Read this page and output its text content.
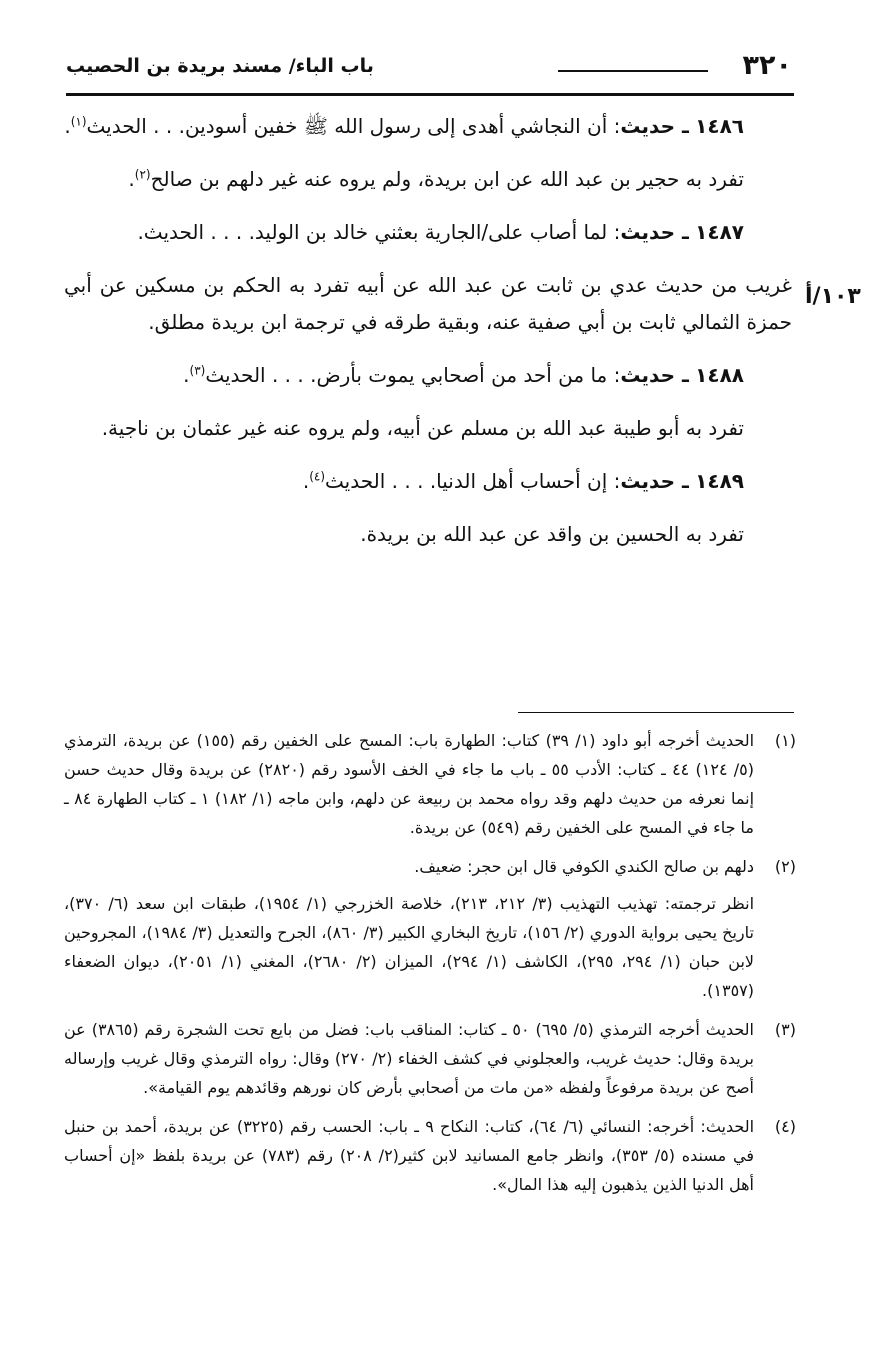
٣٢٠
باب الباء/ مسند بريدة بن الحصيب
١٠٣/أ

١٤٨٦ ـ حديث: أن النجاشي أهدى إلى رسول الله ﷺ خفين أسودين. . . الحديث$^{(١)}$.

تفرد به حجير بن عبد الله عن ابن بريدة، ولم يروه عنه غير دلهم بن صالح$^{(٢)}$.

١٤٨٧ ـ حديث: لما أصاب على/الجارية بعثني خالد بن الوليد. . . . الحديث.

غريب من حديث عدي بن ثابت عن عبد الله عن أبيه تفرد به الحكم بن مسكين عن أبي حمزة الثمالي ثابت بن أبي صفية عنه، وبقية طرقه في ترجمة ابن بريدة مطلق.

١٤٨٨ ـ حديث: ما من أحد من أصحابي يموت بأرض. . . . الحديث$^{(٣)}$.

تفرد به أبو طيبة عبد الله بن مسلم عن أبيه، ولم يروه عنه غير عثمان بن ناجية.

١٤٨٩ ـ حديث: إن أحساب أهل الدنيا. . . . الحديث$^{(٤)}$.

تفرد به الحسين بن واقد عن عبد الله بن بريدة.

(١)

الحديث أخرجه أبو داود (١/ ٣٩) كتاب: الطهارة باب: المسح على الخفين رقم (١٥٥) عن بريدة، الترمذي (٥/ ١٢٤) ٤٤ ـ كتاب: الأدب ٥٥ ـ باب ما جاء في الخف الأسود رقم (٢٨٢٠) عن بريدة وقال حديث حسن إنما نعرفه من حديث دلهم وقد رواه محمد بن ربيعة عن دلهم، وابن ماجه (١/ ١٨٢) ١ ـ كتاب الطهارة ٨٤ ـ ما جاء في المسح على الخفين رقم (٥٤٩) عن بريدة.

(٢)

دلهم بن صالح الكندي الكوفي قال ابن حجر: ضعيف.

انظر ترجمته: تهذيب التهذيب (٣/ ٢١٢، ٢١٣)، خلاصة الخزرجي (١/ ١٩٥٤)، طبقات ابن سعد (٦/ ٣٧٠)، تاريخ يحيى برواية الدوري (٢/ ١٥٦)، تاريخ البخاري الكبير (٣/ ٨٦٠)، الجرح والتعديل (٣/ ١٩٨٤)، المجروحين لابن حبان (١/ ٢٩٤، ٢٩٥)، الكاشف (١/ ٢٩٤)، الميزان (٢/ ٢٦٨٠)، المغني (١/ ٢٠٥١)، ديوان الضعفاء (١٣٥٧).

(٣)

الحديث أخرجه الترمذي (٥/ ٦٩٥) ٥٠ ـ كتاب: المناقب باب: فضل من بايع تحت الشجرة رقم (٣٨٦٥) عن بريدة وقال: حديث غريب، والعجلوني في كشف الخفاء (٢/ ٢٧٠) وقال: رواه الترمذي وقال غريب وإرساله أصح عن بريدة مرفوعاً ولفظه «من مات من أصحابي بأرض كان نورهم وقائدهم يوم القيامة».

(٤)

الحديث: أخرجه: النسائي (٦/ ٦٤)، كتاب: النكاح ٩ ـ باب: الحسب رقم (٣٢٢٥) عن بريدة، أحمد بن حنبل في مسنده (٥/ ٣٥٣)، وانظر جامع المسانيد لابن كثير(٢/ ٢٠٨) رقم (٧٨٣) عن بريدة بلفظ «إن أحساب أهل الدنيا الذين يذهبون إليه هذا المال».
